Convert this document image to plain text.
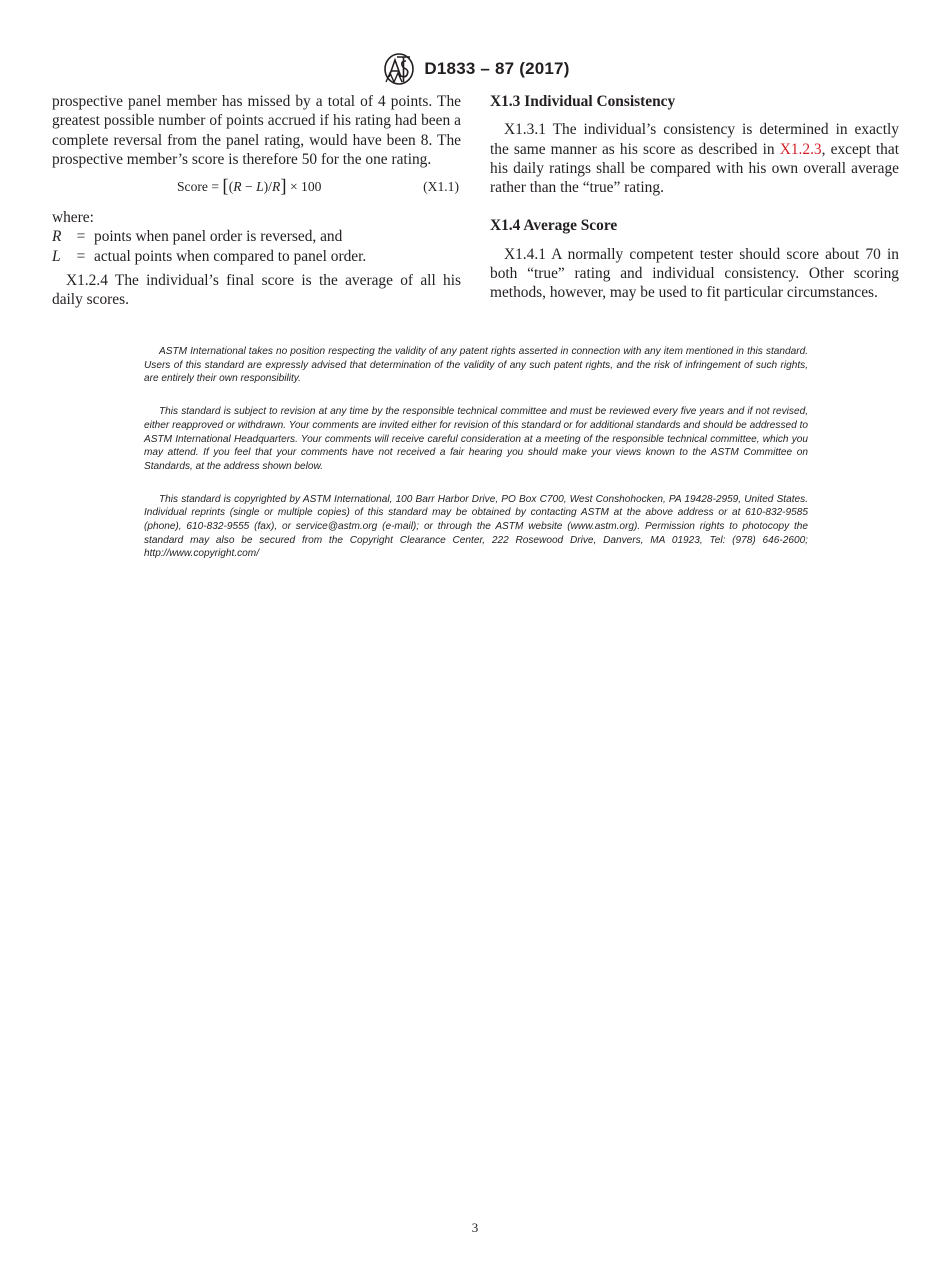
D1833 – 87 (2017)

prospective panel member has missed by a total of 4 points. The greatest possible number of points accrued if his rating had been a complete reversal from the panel rating, would have been 8. The prospective member’s score is therefore 50 for the one rating.

Score = [(R − L)/R] × 100	(X1.1)

where:

R = points when panel order is reversed, and
L	= actual points when compared to panel order.

X1.2.4 The individual’s final score is the average of all his daily scores.

X1.3 Individual Consistency

X1.3.1 The individual’s consistency is determined in exactly the same manner as his score as described in X1.2.3, except that his daily ratings shall be compared with his own overall average rather than the “true” rating.

X1.4 Average Score

X1.4.1 A normally competent tester should score about 70 in both “true” rating and individual consistency. Other scoring methods, however, may be used to fit particular circumstances.

ASTM International takes no position respecting the validity of any patent rights asserted in connection with any item mentioned in this standard. Users of this standard are expressly advised that determination of the validity of any such patent rights, and the risk of infringement of such rights, are entirely their own responsibility.

This standard is subject to revision at any time by the responsible technical committee and must be reviewed every five years and if not revised, either reapproved or withdrawn. Your comments are invited either for revision of this standard or for additional standards and should be addressed to ASTM International Headquarters. Your comments will receive careful consideration at a meeting of the responsible technical committee, which you may attend. If you feel that your comments have not received a fair hearing you should make your views known to the ASTM Committee on Standards, at the address shown below.

This standard is copyrighted by ASTM International, 100 Barr Harbor Drive, PO Box C700, West Conshohocken, PA 19428-2959, United States. Individual reprints (single or multiple copies) of this standard may be obtained by contacting ASTM at the above address or at 610-832-9585 (phone), 610-832-9555 (fax), or service@astm.org (e-mail); or through the ASTM website (www.astm.org). Permission rights to photocopy the standard may also be secured from the Copyright Clearance Center, 222 Rosewood Drive, Danvers, MA 01923, Tel: (978) 646-2600; http://www.copyright.com/

3
